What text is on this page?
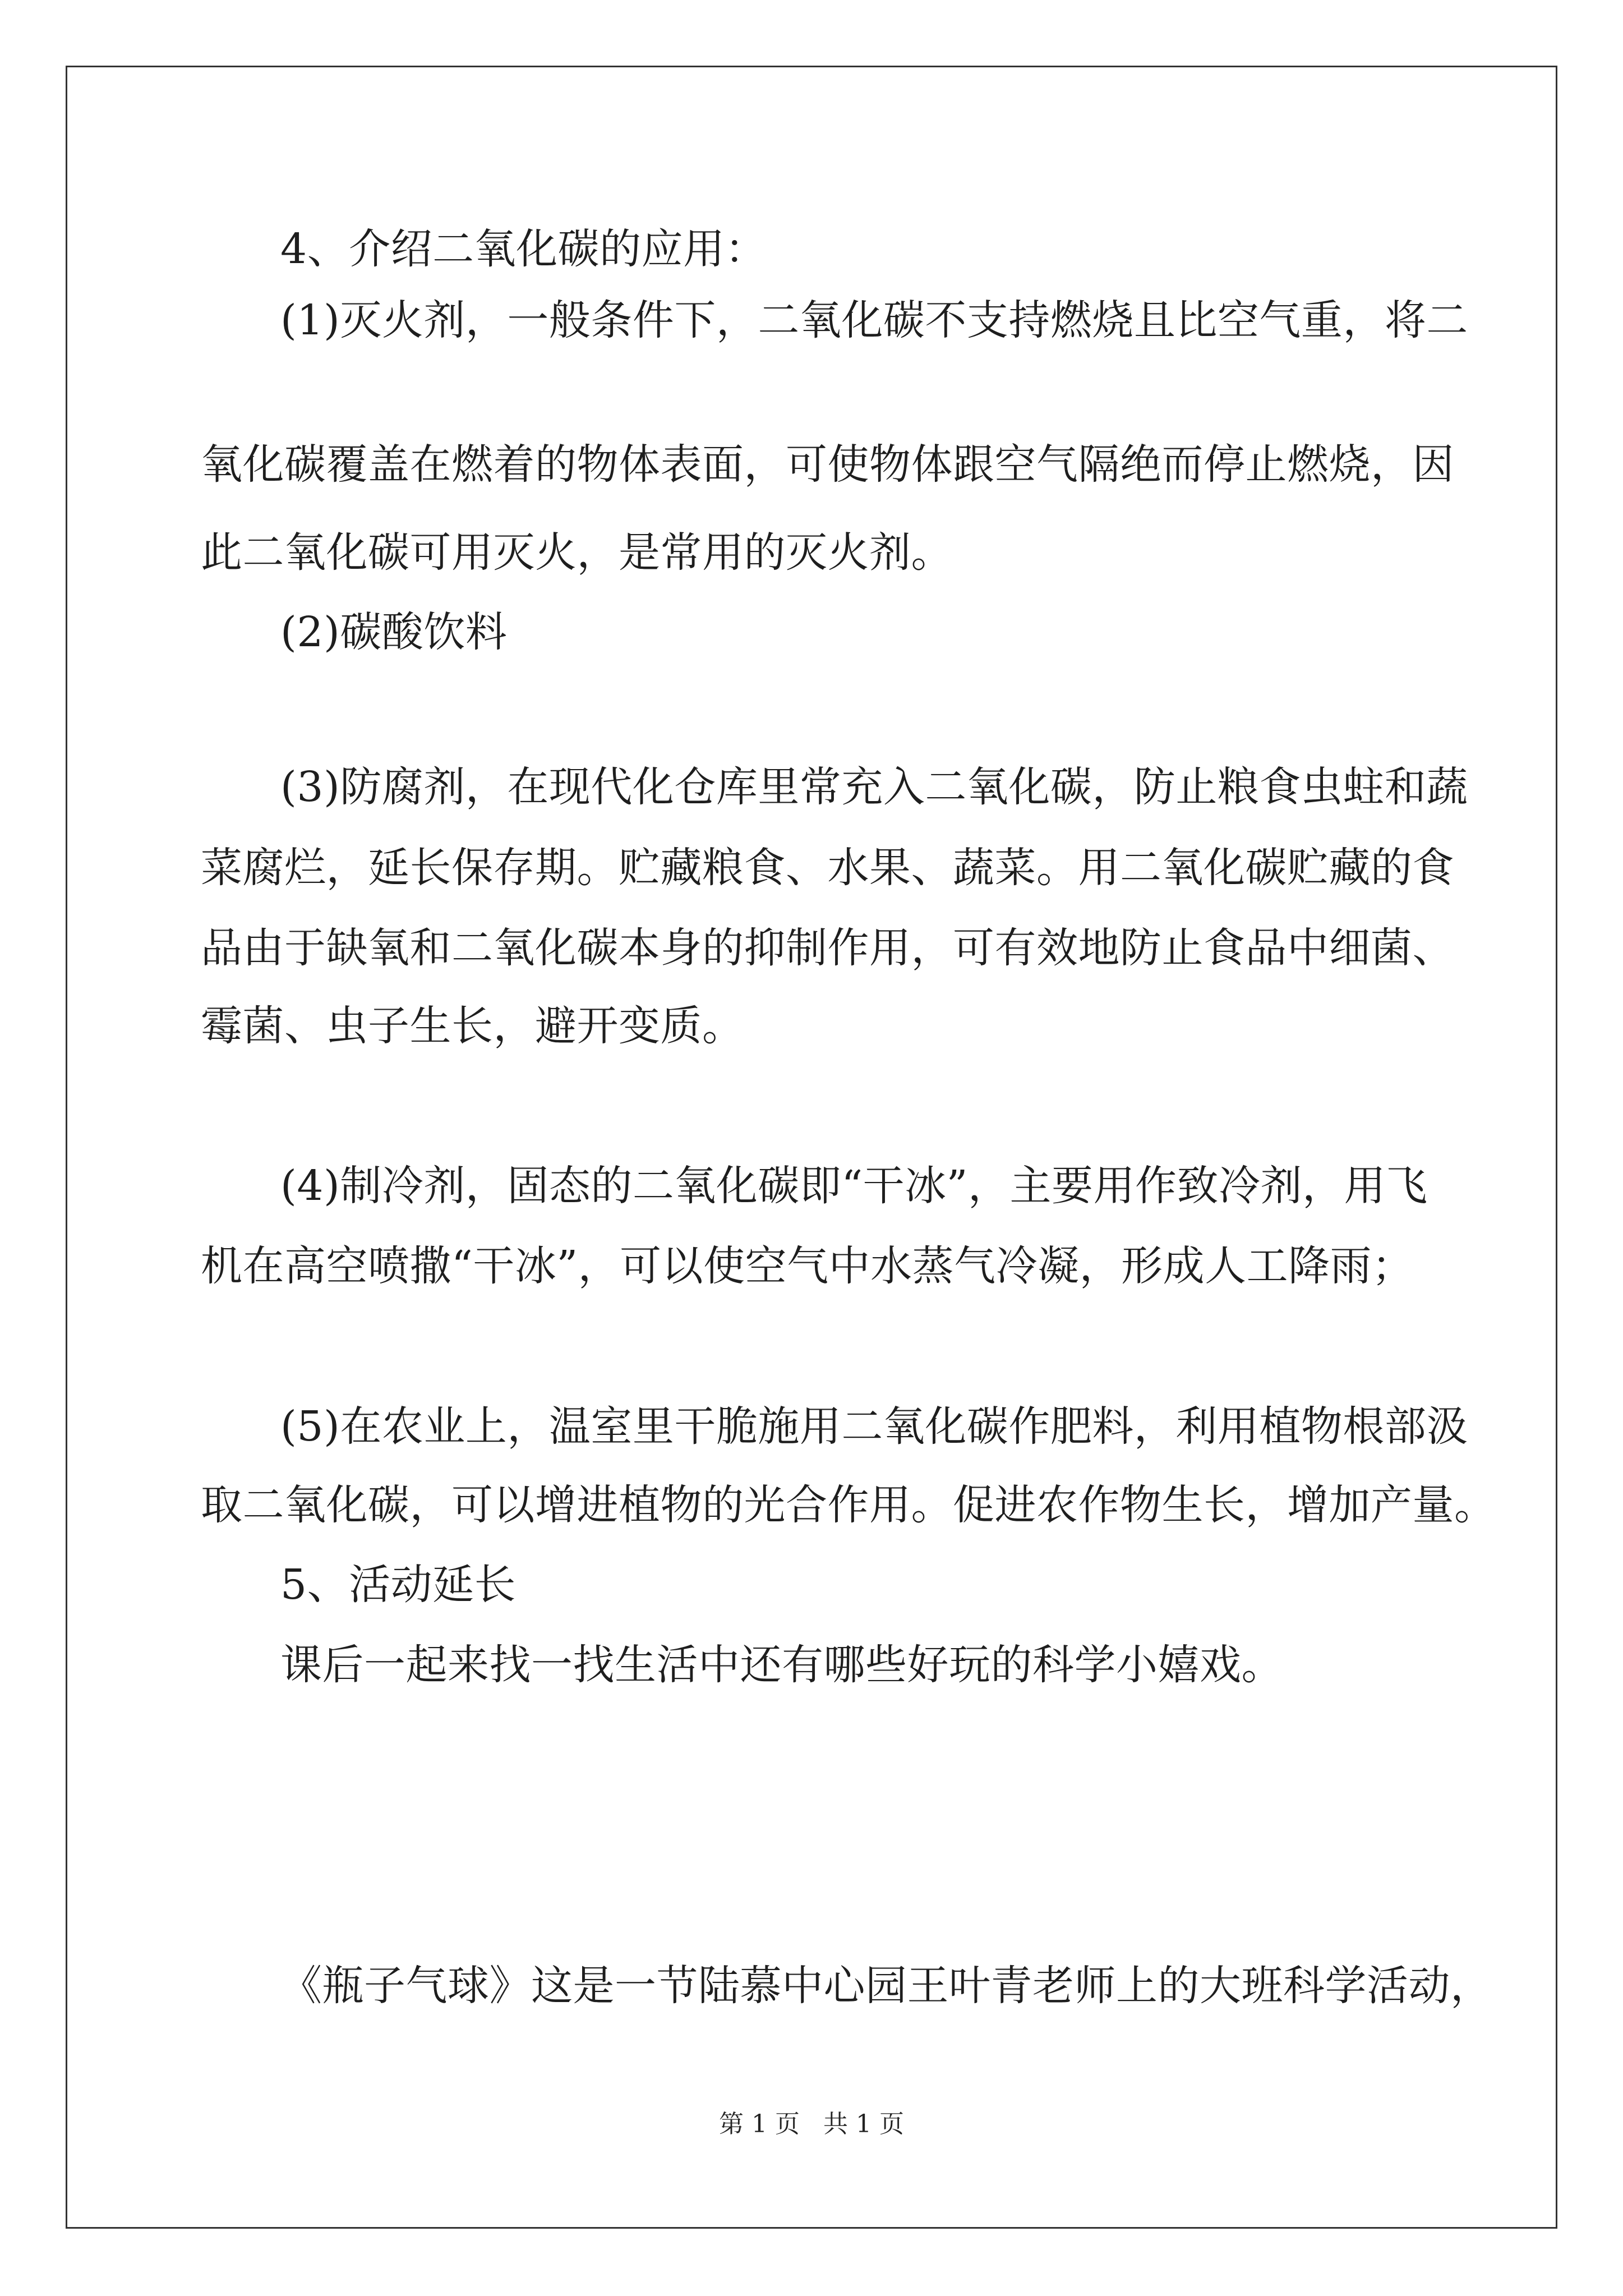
4、介绍二氧化碳的应用：
(1)灭火剂，一般条件下，二氧化碳不支持燃烧且比空气重，将二
氧化碳覆盖在燃着的物体表面，可使物体跟空气隔绝而停止燃烧，因
此二氧化碳可用灭火，是常用的灭火剂。
(2)碳酸饮料
(3)防腐剂，在现代化仓库里常充入二氧化碳，防止粮食虫蛀和蔬
菜腐烂，延长保存期。贮藏粮食、水果、蔬菜。用二氧化碳贮藏的食
品由于缺氧和二氧化碳本身的抑制作用，可有效地防止食品中细菌、
霉菌、虫子生长，避开变质。
(4)制冷剂，固态的二氧化碳即“干冰”，主要用作致冷剂，用飞
机在高空喷撒“干冰”，可以使空气中水蒸气冷凝，形成人工降雨；
(5)在农业上，温室里干脆施用二氧化碳作肥料，利用植物根部汲
取二氧化碳，可以增进植物的光合作用。促进农作物生长，增加产量。
5、活动延长
课后一起来找一找生活中还有哪些好玩的科学小嬉戏。
《瓶子气球》这是一节陆慕中心园王叶青老师上的大班科学活动，
第 1 页   共 1 页
